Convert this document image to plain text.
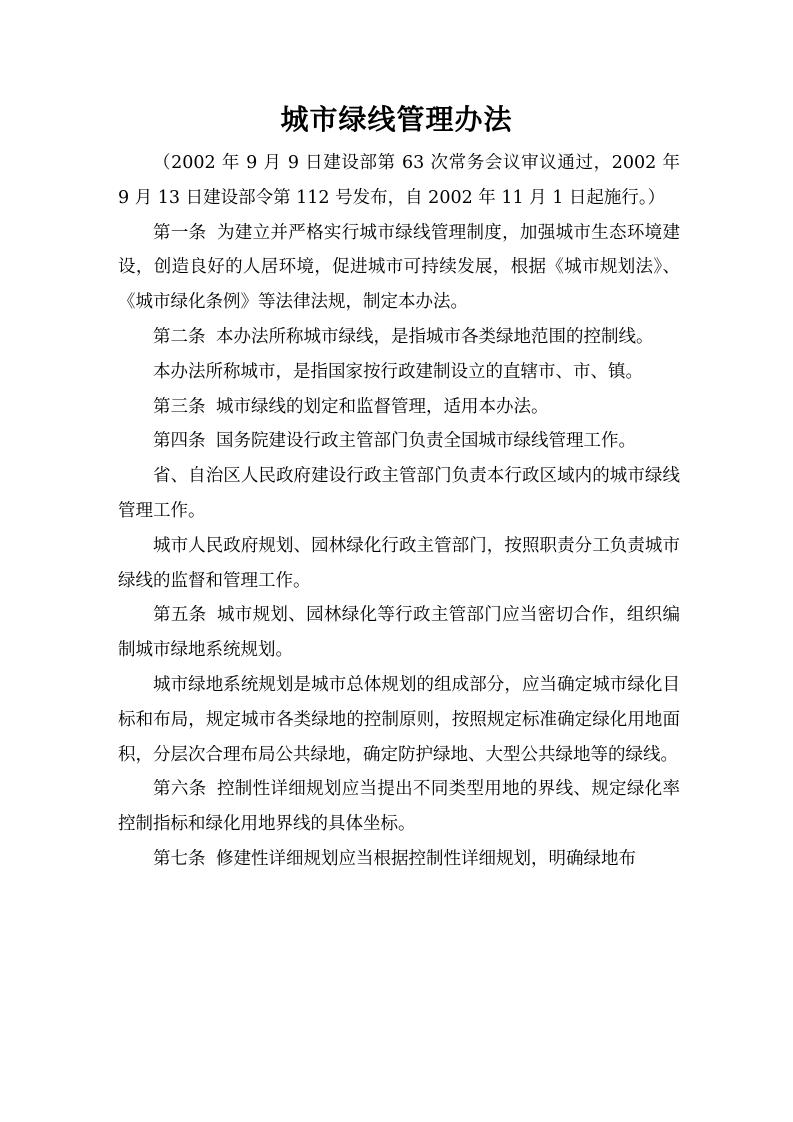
城市绿线管理办法

（2002 年 9 月 9 日建设部第 63 次常务会议审议通过，2002 年 9 月 13 日建设部令第 112 号发布，自 2002 年 11 月 1 日起施行。）

第一条 为建立并严格实行城市绿线管理制度，加强城市生态环境建设，创造良好的人居环境，促进城市可持续发展，根据《城市规划法》、《城市绿化条例》等法律法规，制定本办法。

第二条 本办法所称城市绿线，是指城市各类绿地范围的控制线。

本办法所称城市，是指国家按行政建制设立的直辖市、市、镇。

第三条 城市绿线的划定和监督管理，适用本办法。

第四条 国务院建设行政主管部门负责全国城市绿线管理工作。

省、自治区人民政府建设行政主管部门负责本行政区域内的城市绿线管理工作。

城市人民政府规划、园林绿化行政主管部门，按照职责分工负责城市绿线的监督和管理工作。

第五条 城市规划、园林绿化等行政主管部门应当密切合作，组织编制城市绿地系统规划。

城市绿地系统规划是城市总体规划的组成部分，应当确定城市绿化目标和布局，规定城市各类绿地的控制原则，按照规定标准确定绿化用地面积，分层次合理布局公共绿地，确定防护绿地、大型公共绿地等的绿线。

第六条 控制性详细规划应当提出不同类型用地的界线、规定绿化率控制指标和绿化用地界线的具体坐标。

第七条 修建性详细规划应当根据控制性详细规划，明确绿地布
